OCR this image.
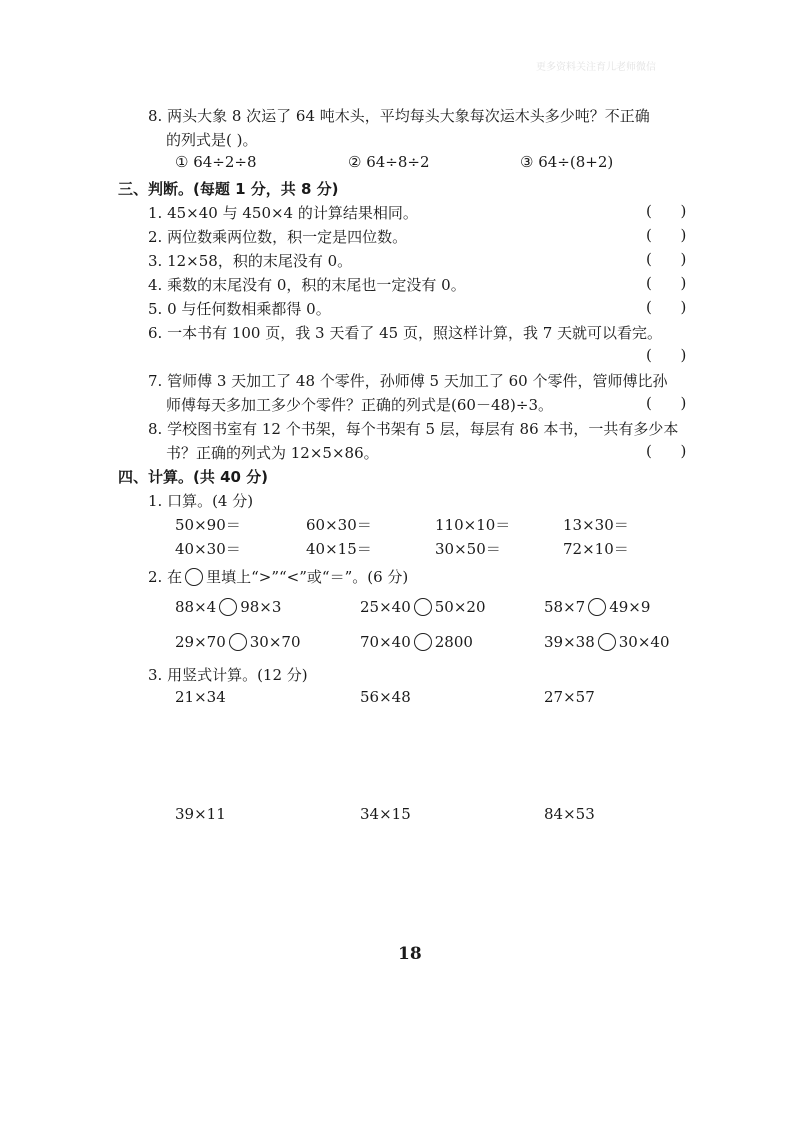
更多资料关注育儿老师微信
8. 两头大象 8 次运了 64 吨木头，平均每头大象每次运木头多少吨？不正确
的列式是( )。
① 64÷2÷8	② 64÷8÷2	③ 64÷(8+2)
三、判断。(每题 1 分，共 8 分)
1. 45×40 与 450×4 的计算结果相同。	(      )
2. 两位数乘两位数，积一定是四位数。	(      )
3. 12×58，积的末尾没有 0。	(      )
4. 乘数的末尾没有 0，积的末尾也一定没有 0。	(      )
5. 0 与任何数相乘都得 0。	(      )
6. 一本书有 100 页，我 3 天看了 45 页，照这样计算，我 7 天就可以看完。
(      )
7. 管师傅 3 天加工了 48 个零件，孙师傅 5 天加工了 60 个零件，管师傅比孙
师傅每天多加工多少个零件？正确的列式是(60－48)÷3。	(      )
8. 学校图书室有 12 个书架，每个书架有 5 层，每层有 86 本书，一共有多少本
书？正确的列式为 12×5×86。	(      )
四、计算。(共 40 分)
1. 口算。(4 分)
50×90＝	60×30＝	110×10＝	13×30＝
40×30＝	40×15＝	30×50＝	72×10＝
2. 在 里填上“>”“<”或“＝”。(6 分)
88×4 98×3	25×40 50×20	58×7 49×9
29×70 30×70	70×40 2800	39×38 30×40
3. 用竖式计算。(12 分)
21×34	56×48	27×57
39×11	34×15	84×53
18
